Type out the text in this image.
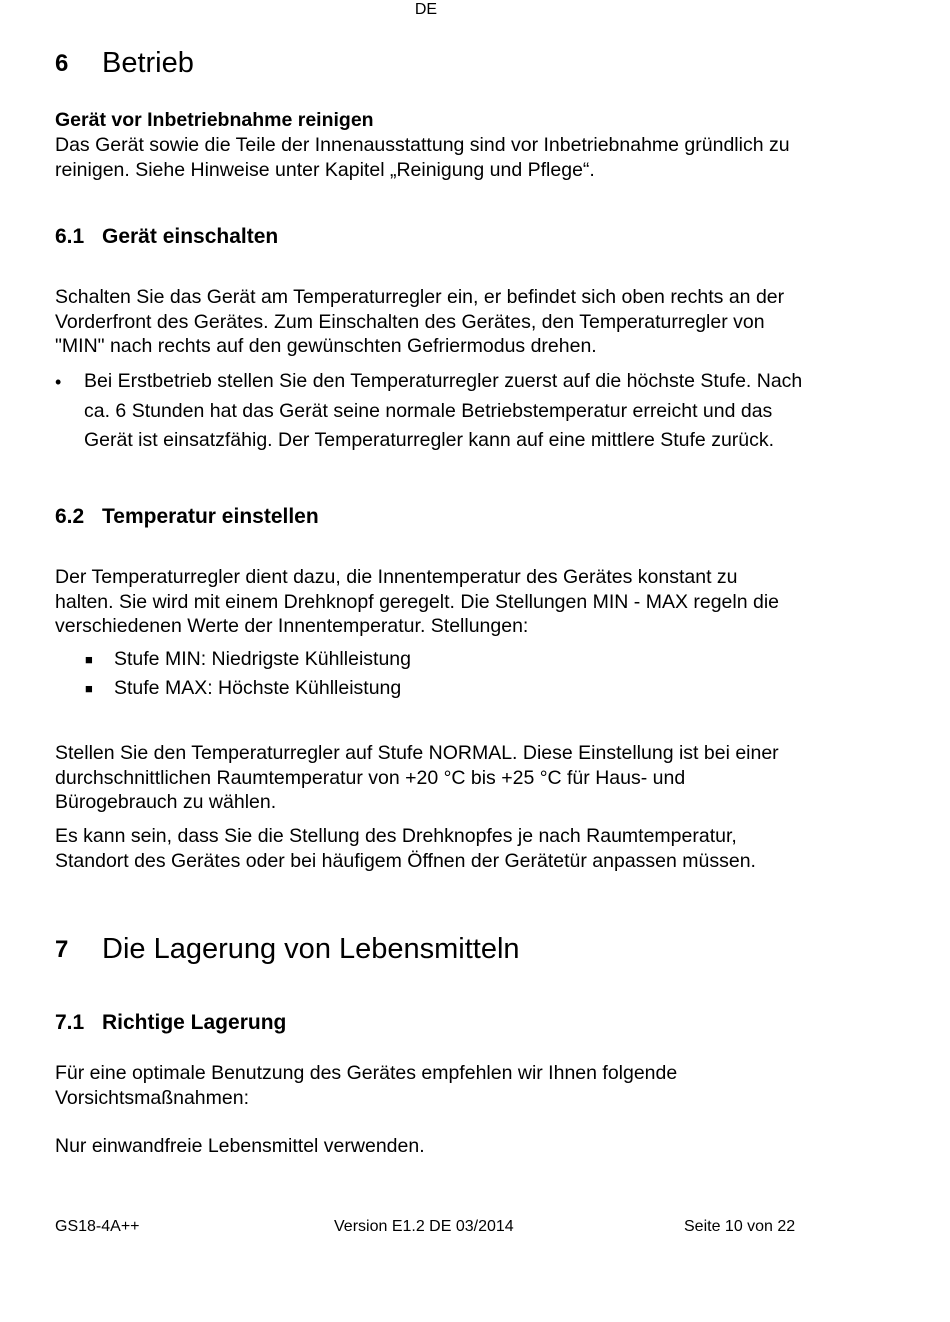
DE
6 Betrieb
Gerät vor Inbetriebnahme reinigen
Das Gerät sowie die Teile der Innenausstattung sind vor Inbetriebnahme gründlich zu
reinigen. Siehe Hinweise unter Kapitel „Reinigung und Pflege“.
6.1 Gerät einschalten
Schalten Sie das Gerät am Temperaturregler ein, er befindet sich oben rechts an der
Vorderfront des Gerätes. Zum Einschalten des Gerätes, den Temperaturregler von
"MIN" nach rechts auf den gewünschten Gefriermodus drehen.
• Bei Erstbetrieb stellen Sie den Temperaturregler zuerst auf die höchste Stufe. Nach
ca. 6 Stunden hat das Gerät seine normale Betriebstemperatur erreicht und das
Gerät ist einsatzfähig. Der Temperaturregler kann auf eine mittlere Stufe zurück.
6.2 Temperatur einstellen
Der Temperaturregler dient dazu, die Innentemperatur des Gerätes konstant zu
halten. Sie wird mit einem Drehknopf geregelt. Die Stellungen MIN - MAX regeln die
verschiedenen Werte der Innentemperatur. Stellungen:
■ Stufe MIN: Niedrigste Kühlleistung
■ Stufe MAX: Höchste Kühlleistung
Stellen Sie den Temperaturregler auf Stufe NORMAL. Diese Einstellung ist bei einer
durchschnittlichen Raumtemperatur von +20 °C bis +25 °C für Haus- und
Bürogebrauch zu wählen.
Es kann sein, dass Sie die Stellung des Drehknopfes je nach Raumtemperatur,
Standort des Gerätes oder bei häufigem Öffnen der Gerätetür anpassen müssen.
7 Die Lagerung von Lebensmitteln
7.1 Richtige Lagerung
Für eine optimale Benutzung des Gerätes empfehlen wir Ihnen folgende
Vorsichtsmaßnahmen:
Nur einwandfreie Lebensmittel verwenden.
GS18-4A++	Version E1.2 DE 03/2014	Seite 10 von 22
